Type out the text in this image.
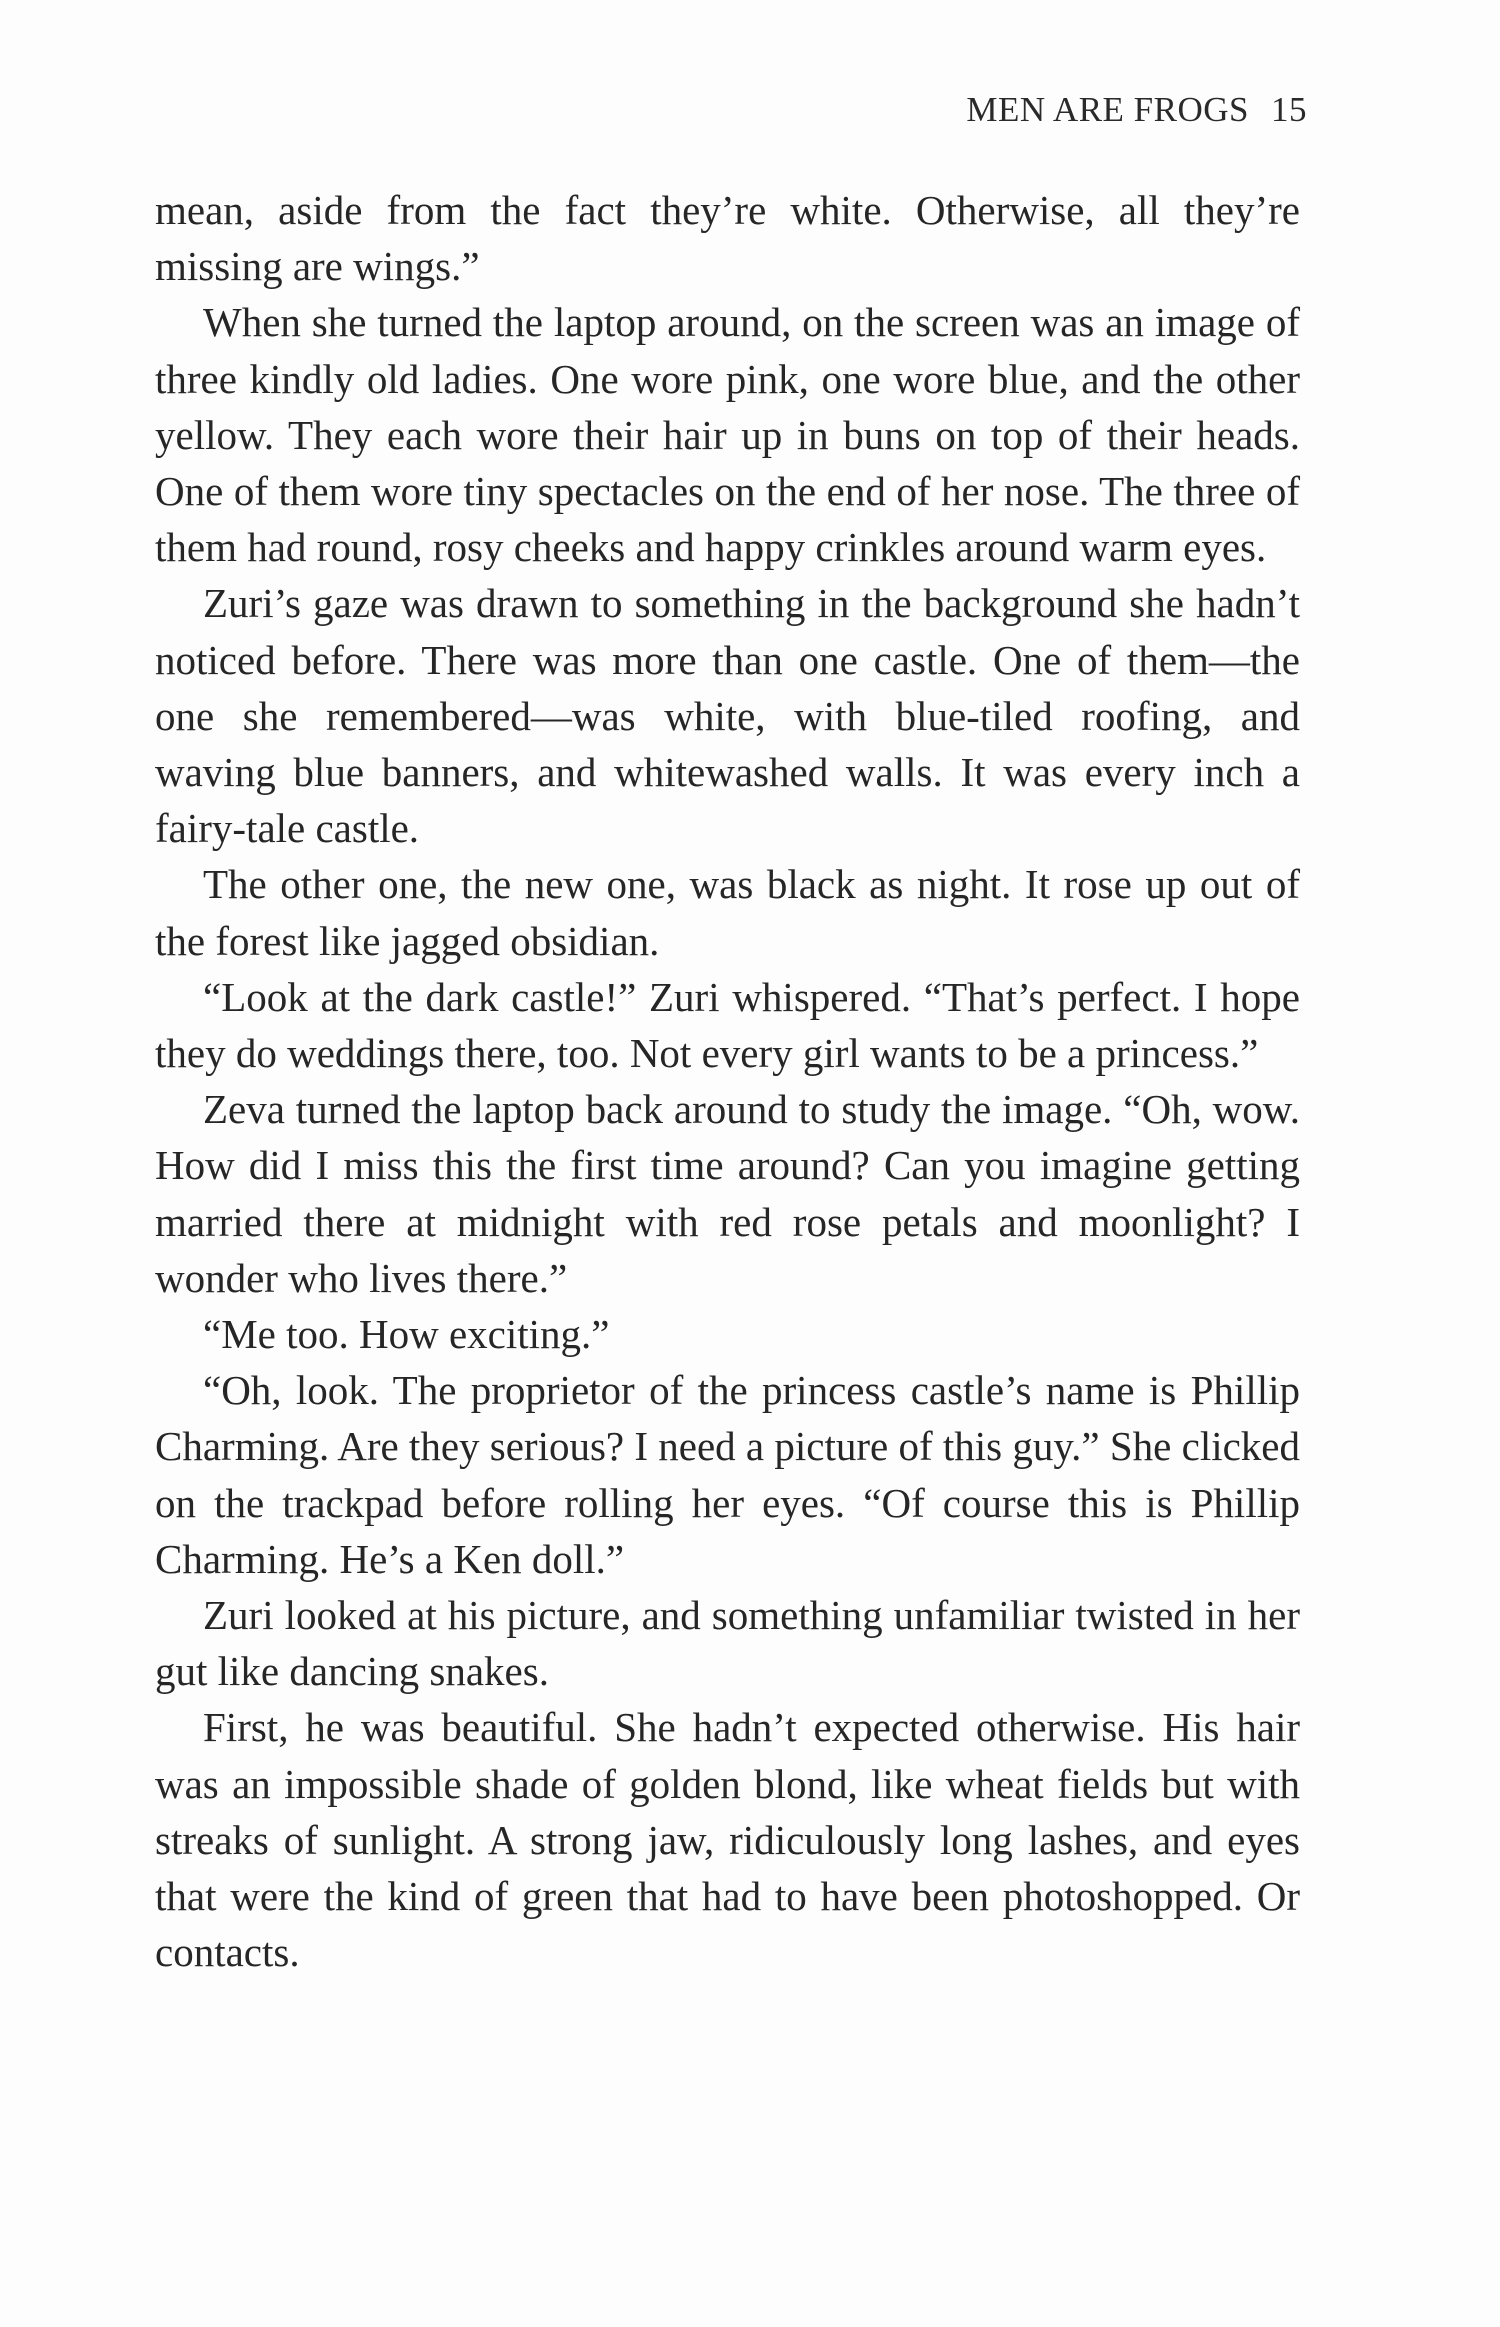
MEN ARE FROGS 15

mean, aside from the fact they’re white. Otherwise, all they’re missing are wings.”

When she turned the laptop around, on the screen was an image of three kindly old ladies. One wore pink, one wore blue, and the other yellow. They each wore their hair up in buns on top of their heads. One of them wore tiny spectacles on the end of her nose. The three of them had round, rosy cheeks and happy crinkles around warm eyes.

Zuri’s gaze was drawn to something in the background she hadn’t noticed before. There was more than one castle. One of them—the one she remembered—was white, with blue-tiled roofing, and waving blue banners, and whitewashed walls. It was every inch a fairy-tale castle.

The other one, the new one, was black as night. It rose up out of the forest like jagged obsidian.

“Look at the dark castle!” Zuri whispered. “That’s perfect. I hope they do weddings there, too. Not every girl wants to be a princess.”

Zeva turned the laptop back around to study the image. “Oh, wow. How did I miss this the first time around? Can you imagine getting married there at midnight with red rose petals and moonlight? I wonder who lives there.”

“Me too. How exciting.”

“Oh, look. The proprietor of the princess castle’s name is Phillip Charming. Are they serious? I need a picture of this guy.” She clicked on the trackpad before rolling her eyes. “Of course this is Phillip Charming. He’s a Ken doll.”

Zuri looked at his picture, and something unfamiliar twisted in her gut like dancing snakes.

First, he was beautiful. She hadn’t expected otherwise. His hair was an impossible shade of golden blond, like wheat fields but with streaks of sunlight. A strong jaw, ridiculously long lashes, and eyes that were the kind of green that had to have been photoshopped. Or contacts.
